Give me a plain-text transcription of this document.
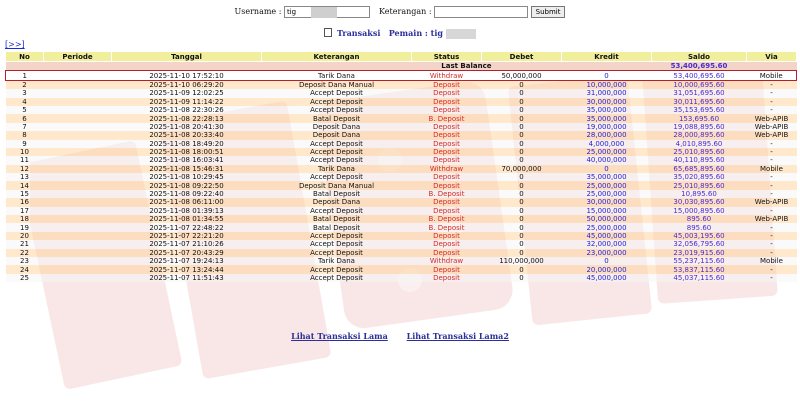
Username : tig	Keterangan :	Submit
Transaksi Pemain : tig
[>>]
No	Periode	Tanggal	Keterangan	Status	Debet	Kredit	Saldo	Via
Last Balance							53,400,695.60	
1		2025-11-10 17:52:10	Tarik Dana	Withdraw	50,000,000	0	53,400,695.60	Mobile
2		2025-11-10 06:29:20	Deposit Dana Manual	Deposit	0	10,000,000	10,000,695.60	-
3		2025-11-09 12:02:25	Accept Deposit	Deposit	0	31,000,000	31,051,695.60	-
4		2025-11-09 11:14:22	Accept Deposit	Deposit	0	30,000,000	30,011,695.60	-
5		2025-11-08 22:30:26	Accept Deposit	Deposit	0	35,000,000	35,153,695.60	-
6		2025-11-08 22:28:13	Batal Deposit	B. Deposit	0	35,000,000	153,695.60	Web-APIB
7		2025-11-08 20:41:30	Deposit Dana	Deposit	0	19,000,000	19,088,895.60	Web-APIB
8		2025-11-08 20:33:40	Deposit Dana	Deposit	0	28,000,000	28,000,895.60	Web-APIB
9		2025-11-08 18:49:20	Accept Deposit	Deposit	0	4,000,000	4,010,895.60	-
10		2025-11-08 18:00:51	Accept Deposit	Deposit	0	25,000,000	25,010,895.60	-
11		2025-11-08 16:03:41	Accept Deposit	Deposit	0	40,000,000	40,110,895.60	-
12		2025-11-08 15:46:31	Tarik Dana	Withdraw	70,000,000	0	65,685,895.60	Mobile
13		2025-11-08 10:29:45	Accept Deposit	Deposit	0	35,000,000	35,020,895.60	-
14		2025-11-08 09:22:50	Deposit Dana Manual	Deposit	0	25,000,000	25,010,895.60	-
15		2025-11-08 09:22:40	Batal Deposit	B. Deposit	0	25,000,000	10,895.60	-
16		2025-11-08 06:11:00	Deposit Dana	Deposit	0	30,000,000	30,030,895.60	Web-APIB
17		2025-11-08 01:39:13	Accept Deposit	Deposit	0	15,000,000	15,000,895.60	-
18		2025-11-08 01:34:55	Batal Deposit	B. Deposit	0	50,000,000	895.60	Web-APIB
19		2025-11-07 22:48:22	Batal Deposit	B. Deposit	0	25,000,000	895.60	-
20		2025-11-07 22:21:20	Accept Deposit	Deposit	0	45,000,000	45,003,195.60	-
21		2025-11-07 21:10:26	Accept Deposit	Deposit	0	32,000,000	32,056,795.60	-
22		2025-11-07 20:43:29	Accept Deposit	Deposit	0	23,000,000	23,019,915.60	-
23		2025-11-07 19:24:13	Tarik Dana	Withdraw	110,000,000	0	55,237,115.60	Mobile
24		2025-11-07 13:24:44	Accept Deposit	Deposit	0	20,000,000	53,837,115.60	-
25		2025-11-07 11:51:43	Accept Deposit	Deposit	0	45,000,000	45,037,115.60	-
Lihat Transaksi Lama Lihat Transaksi Lama2
